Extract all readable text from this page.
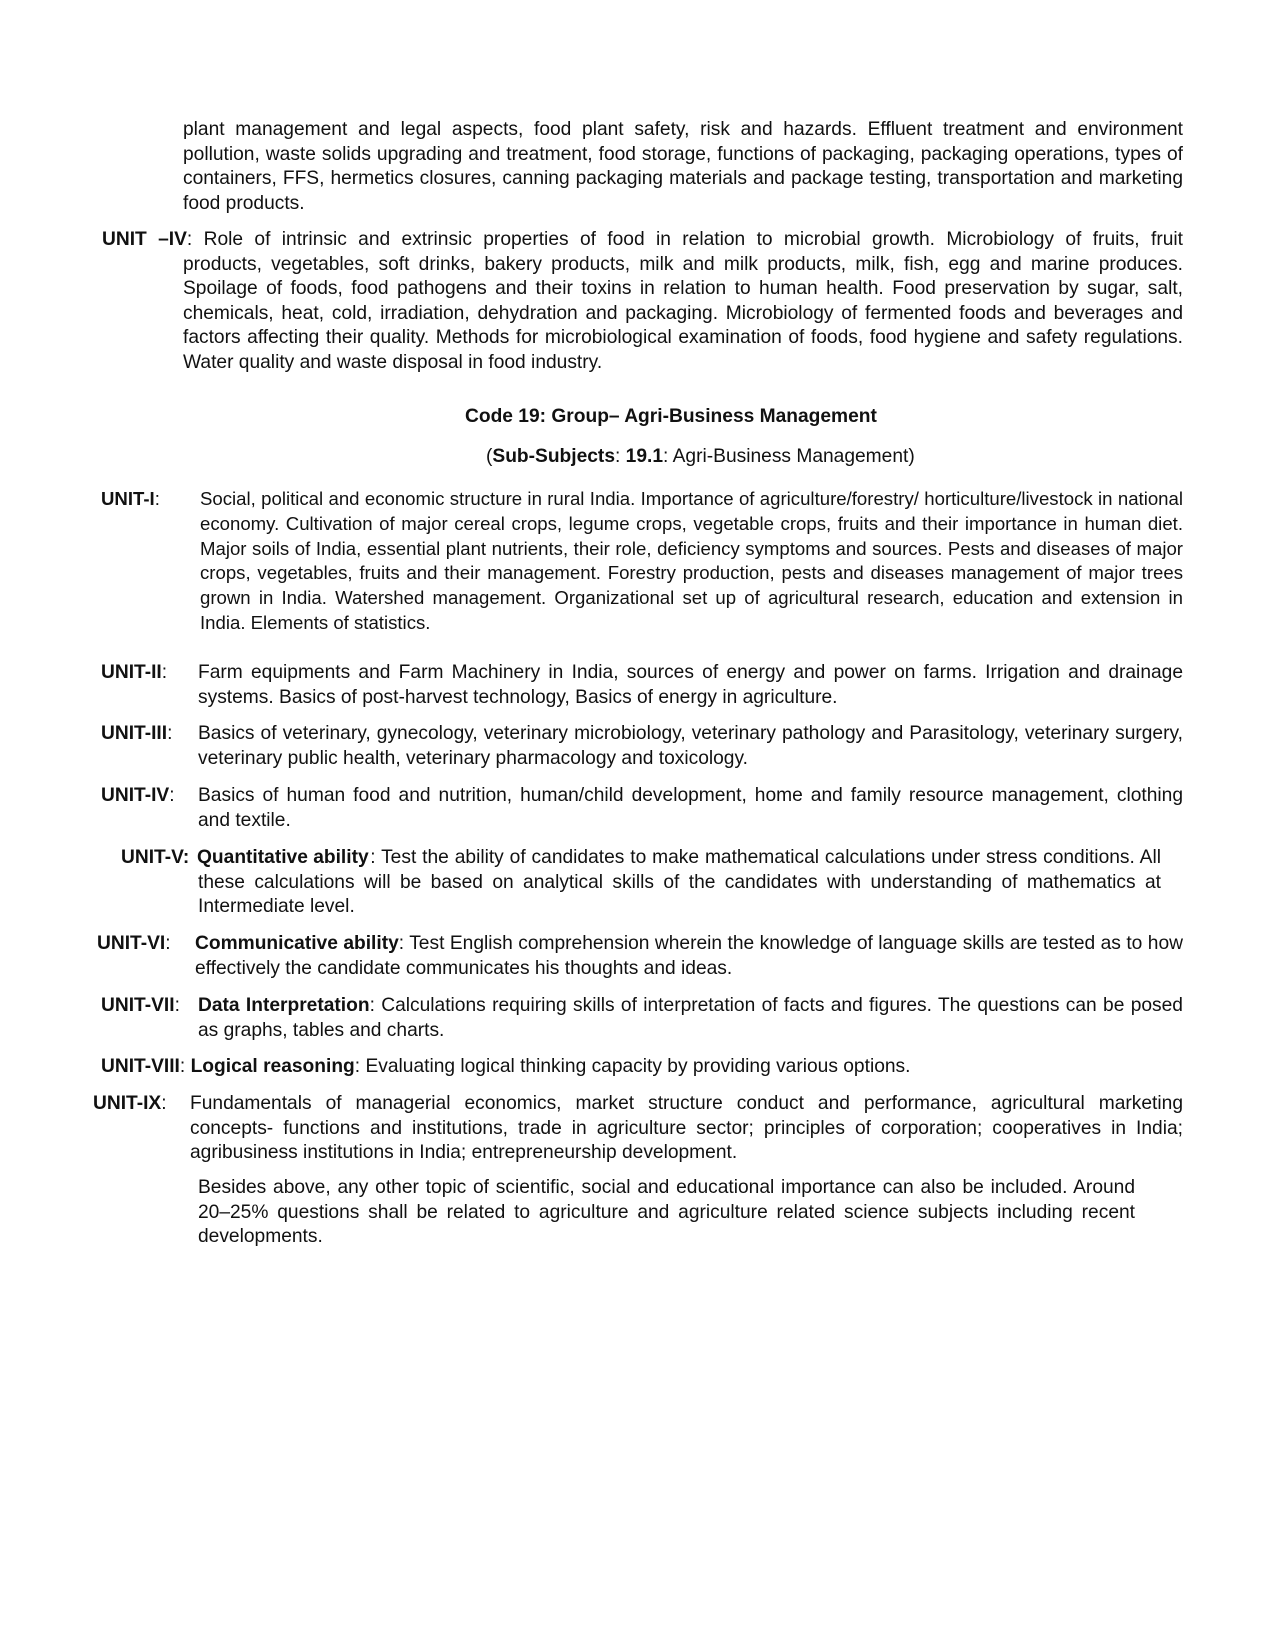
plant management and legal aspects, food plant safety, risk and hazards. Effluent treatment and environment pollution, waste solids upgrading and treatment, food storage, functions of packaging, packaging operations, types of containers, FFS, hermetics closures, canning packaging materials and package testing, transportation and marketing food products.

UNIT –IV: Role of intrinsic and extrinsic properties of food in relation to microbial growth. Microbiology of fruits, fruit
products, vegetables, soft drinks, bakery products, milk and milk products, milk, fish, egg and marine produces. Spoilage of foods, food pathogens and their toxins in relation to human health. Food preservation by sugar, salt, chemicals, heat, cold, irradiation, dehydration and packaging. Microbiology of fermented foods and beverages and factors affecting their quality. Methods for microbiological examination of foods, food hygiene and safety regulations. Water quality and waste disposal in food industry.
Code 19: Group– Agri-Business Management
(Sub-Subjects: 19.1: Agri-Business Management)
UNIT-I: Social, political and economic structure in rural India. Importance of agriculture/forestry/ horticulture/livestock in national economy. Cultivation of major cereal crops, legume crops, vegetable crops, fruits and their importance in human diet. Major soils of India, essential plant nutrients, their role, deficiency symptoms and sources. Pests and diseases of major crops, vegetables, fruits and their management. Forestry production, pests and diseases management of major trees grown in India. Watershed management. Organizational set up of agricultural research, education and extension in India. Elements of statistics.
UNIT-II: Farm equipments and Farm Machinery in India, sources of energy and power on farms. Irrigation and drainage systems. Basics of post-harvest technology, Basics of energy in agriculture.
UNIT-III: Basics of veterinary, gynecology, veterinary microbiology, veterinary pathology and Parasitology, veterinary surgery, veterinary public health, veterinary pharmacology and toxicology.
UNIT-IV: Basics of human food and nutrition, human/child development, home and family resource management, clothing and textile.
UNIT-V: Quantitative ability : Test the ability of candidates to make mathematical calculations under stress conditions. All these calculations will be based on analytical skills of the candidates with understanding of mathematics at Intermediate level.
UNIT-VI: Communicative ability: Test English comprehension wherein the knowledge of language skills are tested as to how effectively the candidate communicates his thoughts and ideas.
UNIT-VII: Data Interpretation: Calculations requiring skills of interpretation of facts and figures. The questions can be posed as graphs, tables and charts.
UNIT-VIII: Logical reasoning: Evaluating logical thinking capacity by providing various options.
UNIT-IX: Fundamentals of managerial economics, market structure conduct and performance, agricultural marketing concepts- functions and institutions, trade in agriculture sector; principles of corporation; cooperatives in India; agribusiness institutions in India; entrepreneurship development.

Besides above, any other topic of scientific, social and educational importance can also be included. Around 20–25% questions shall be related to agriculture and agriculture related science subjects including recent developments.
